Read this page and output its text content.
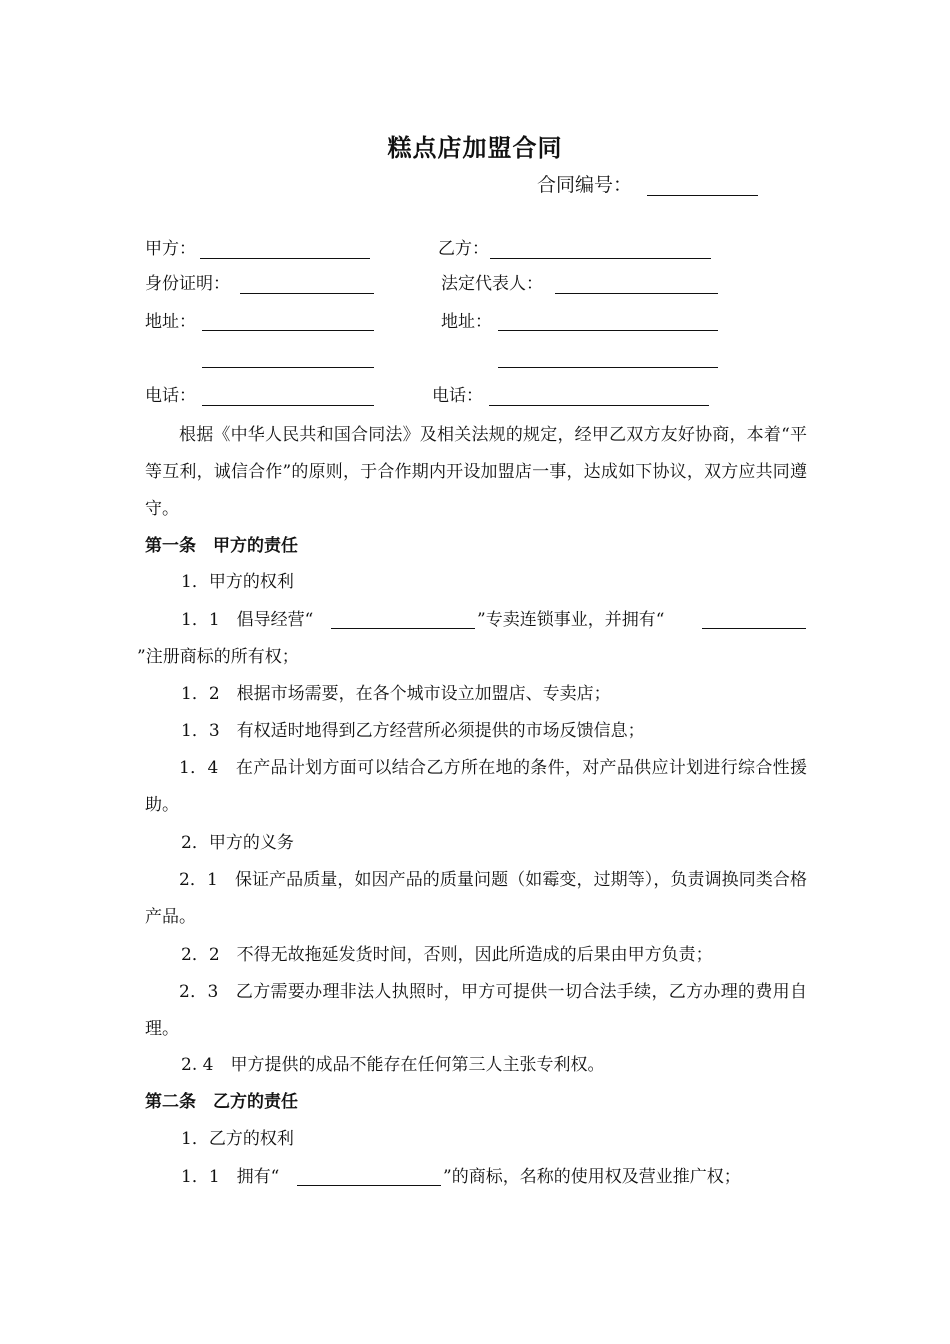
糕点店加盟合同
合同编号：
甲方：	乙方：
身份证明：	法定代表人：
地址：	地址：
电话：	电话：
根据《中华人民共和国合同法》及相关法规的规定，经甲乙双方友好协商，本着“平等互利，诚信合作”的原则，于合作期内开设加盟店一事，达成如下协议，双方应共同遵守。
第一条　甲方的责任
1．甲方的权利
1．1　倡导经营“	”专卖连锁事业，并拥有“
”注册商标的所有权；
1．2　根据市场需要，在各个城市设立加盟店、专卖店；
1．3　有权适时地得到乙方经营所必须提供的市场反馈信息；
1．4　在产品计划方面可以结合乙方所在地的条件，对产品供应计划进行综合性援助。
2．甲方的义务
2．1　保证产品质量，如因产品的质量问题（如霉变，过期等），负责调换同类合格产品。
2．2　不得无故拖延发货时间，否则，因此所造成的后果由甲方负责；
2．3　乙方需要办理非法人执照时，甲方可提供一切合法手续，乙方办理的费用自理。
2. 4　甲方提供的成品不能存在任何第三人主张专利权。
第二条　乙方的责任
1．乙方的权利
1．1　拥有“	”的商标，名称的使用权及营业推广权；
